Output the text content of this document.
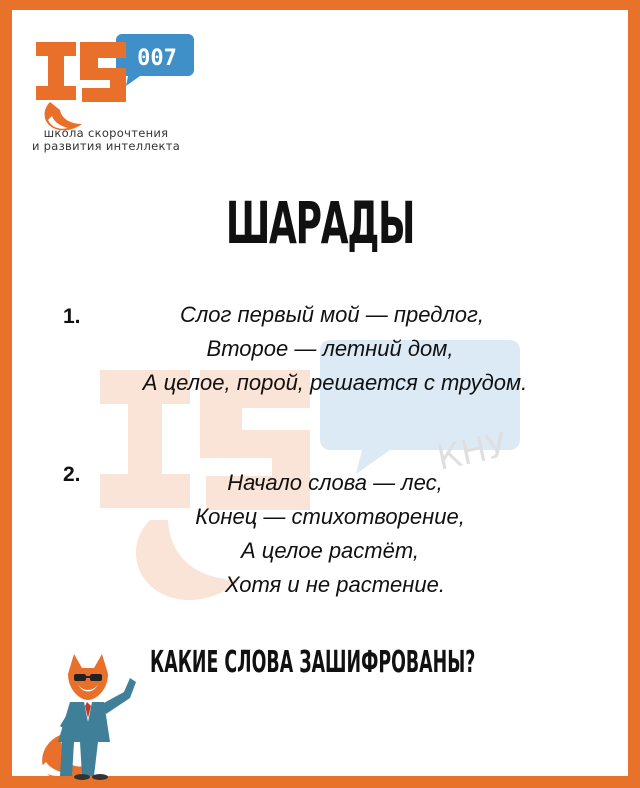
007
школа скорочтения
и развития интеллекта
КНУ
ШАРАДЫ
1.	Слог первый мой — предлог,
Второе — летний дом,
А целое, порой, решается с трудом.
2.	Начало слова — лес,
Конец — стихотворение,
А целое растёт,
Хотя и не растение.
КАКИЕ СЛОВА ЗАШИФРОВАНЫ?
